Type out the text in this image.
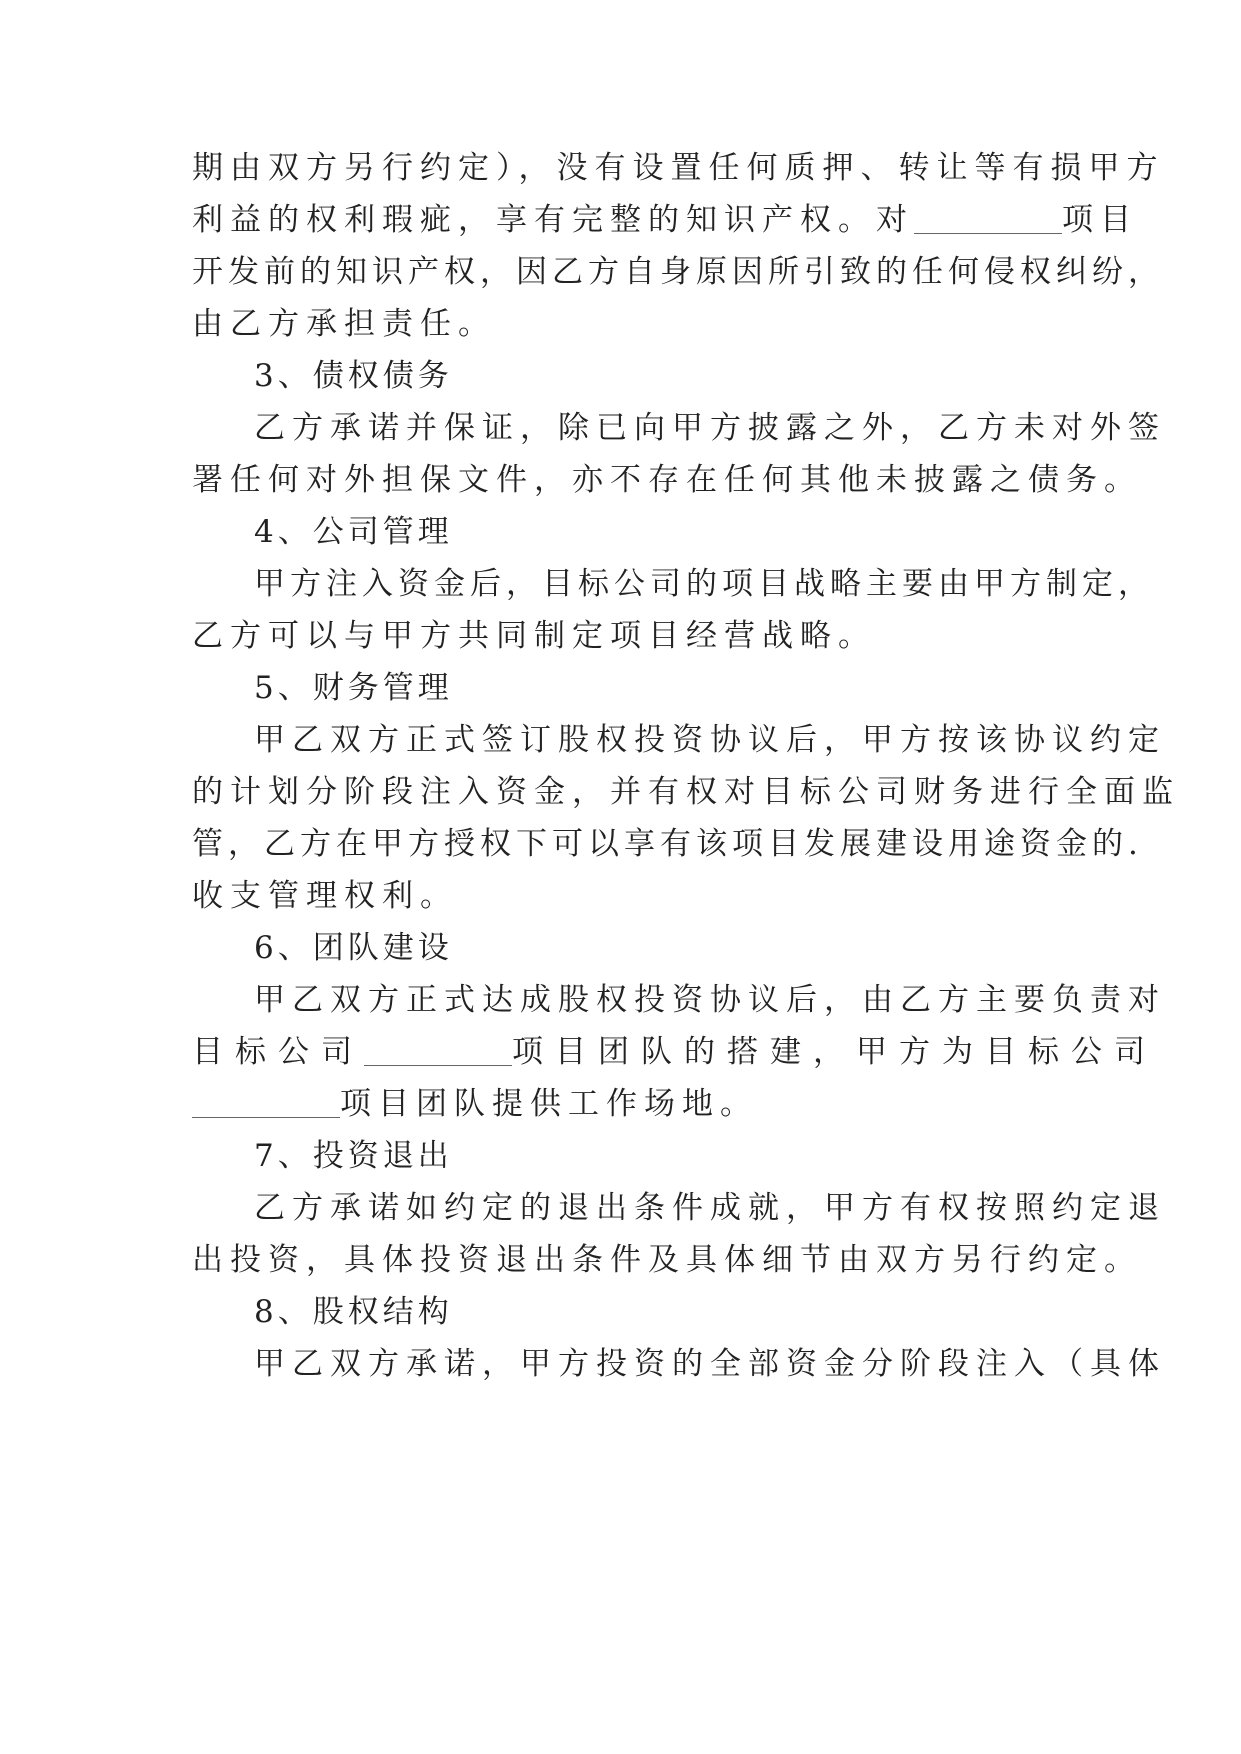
期由双方另行约定），没有设置任何质押、转让等有损甲方
利益的权利瑕疵，享有完整的知识产权。对	项目
开发前的知识产权，因乙方自身原因所引致的任何侵权纠纷，
由乙方承担责任。
3、债权债务
乙方承诺并保证，除已向甲方披露之外，乙方未对外签
署任何对外担保文件，亦不存在任何其他未披露之债务。
4、公司管理
甲方注入资金后，目标公司的项目战略主要由甲方制定，
乙方可以与甲方共同制定项目经营战略。
5、财务管理
甲乙双方正式签订股权投资协议后，甲方按该协议约定
的计划分阶段注入资金，并有权对目标公司财务进行全面监
管，乙方在甲方授权下可以享有该项目发展建设用途资金的.
收支管理权利。
6、团队建设
甲乙双方正式达成股权投资协议后，由乙方主要负责对
目标公司	项目团队的搭建，甲方为目标公司
项目团队提供工作场地。
7、投资退出
乙方承诺如约定的退出条件成就，甲方有权按照约定退
出投资，具体投资退出条件及具体细节由双方另行约定。
8、股权结构
甲乙双方承诺，甲方投资的全部资金分阶段注入（具体
